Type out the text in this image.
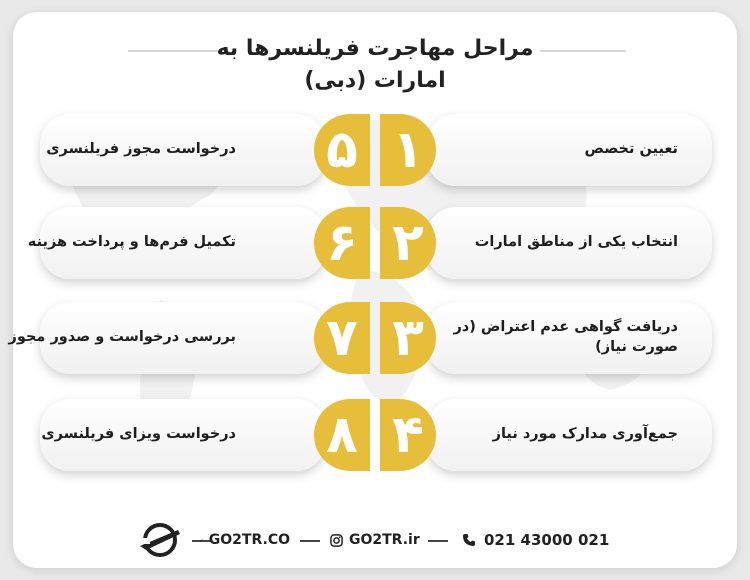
مراحل مهاجرت فریلنسرها به
امارات (دبی)
تعیین تخصص
۱
انتخاب یکی از مناطق امارات
۲
دریافت گواهی عدم اعتراض (در صورت نیاز)
۳
جمع‌آوری مدارک مورد نیاز
۴
درخواست مجوز فریلنسری ۵
تکمیل فرم‌ها و پرداخت هزینه ۶
بررسی درخواست و صدور مجوز ۷
درخواست ویزای فریلنسری ۸
GO2TR.CO	GO2TR.ir	021 43000 021
